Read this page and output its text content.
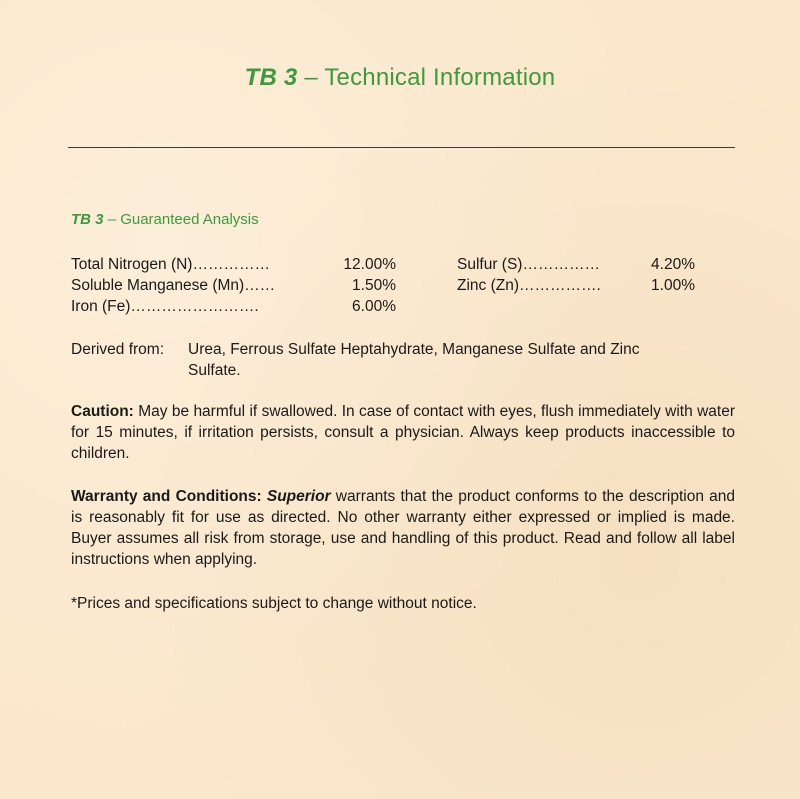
TB 3 – Technical Information
TB 3 – Guaranteed Analysis
Total Nitrogen (N)……………	12.00%	Sulfur (S)……………	4.20%
Soluble Manganese (Mn)……	1.50%	Zinc (Zn)…………….	1.00%
Iron (Fe)…………………….	6.00%
Derived from: Urea, Ferrous Sulfate Heptahydrate, Manganese Sulfate and Zinc
Sulfate.
Caution: May be harmful if swallowed. In case of contact with eyes, flush immediately with water for 15 minutes, if irritation persists, consult a physician. Always keep products inaccessible to children.
Warranty and Conditions: Superior warrants that the product conforms to the description and is reasonably fit for use as directed. No other warranty either expressed or implied is made. Buyer assumes all risk from storage, use and handling of this product. Read and follow all label instructions when applying.
*Prices and specifications subject to change without notice.
